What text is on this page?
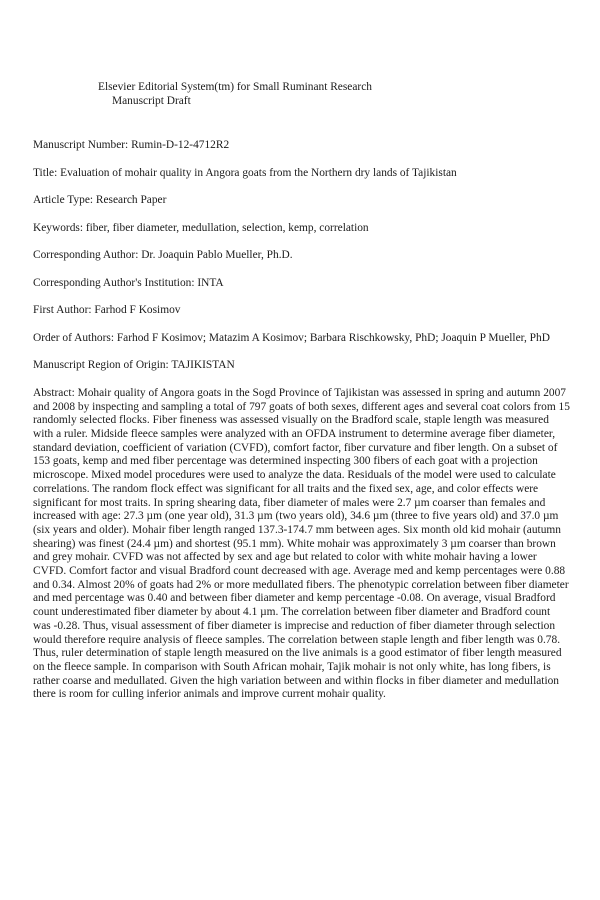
Elsevier Editorial System(tm) for Small Ruminant Research
Manuscript Draft

Manuscript Number: Rumin-D-12-4712R2

Title: Evaluation of mohair quality in Angora goats from the Northern dry lands of Tajikistan

Article Type: Research Paper

Keywords: fiber, fiber diameter, medullation, selection, kemp, correlation

Corresponding Author: Dr. Joaquin Pablo Mueller, Ph.D.

Corresponding Author's Institution: INTA

First Author: Farhod F Kosimov

Order of Authors: Farhod F Kosimov; Matazim A Kosimov; Barbara Rischkowsky, PhD; Joaquin P Mueller, PhD

Manuscript Region of Origin: TAJIKISTAN

Abstract: Mohair quality of Angora goats in the Sogd Province of Tajikistan was assessed in spring and autumn 2007 and 2008 by inspecting and sampling a total of 797 goats of both sexes, different ages and several coat colors from 15 randomly selected flocks. Fiber fineness was assessed visually on the Bradford scale, staple length was measured with a ruler. Midside fleece samples were analyzed with an OFDA instrument to determine average fiber diameter, standard deviation, coefficient of variation (CVFD), comfort factor, fiber curvature and fiber length. On a subset of 153 goats, kemp and med fiber percentage was determined inspecting 300 fibers of each goat with a projection microscope. Mixed model procedures were used to analyze the data. Residuals of the model were used to calculate correlations. The random flock effect was significant for all traits and the fixed sex, age, and color effects were significant for most traits. In spring shearing data, fiber diameter of males were 2.7 µm coarser than females and increased with age: 27.3 µm (one year old), 31.3 µm (two years old), 34.6 µm (three to five years old) and 37.0 µm (six years and older). Mohair fiber length ranged 137.3-174.7 mm between ages. Six month old kid mohair (autumn shearing) was finest (24.4 µm) and shortest (95.1 mm). White mohair was approximately 3 µm coarser than brown and grey mohair. CVFD was not affected by sex and age but related to color with white mohair having a lower CVFD. Comfort factor and visual Bradford count decreased with age. Average med and kemp percentages were 0.88 and 0.34. Almost 20% of goats had 2% or more medullated fibers. The phenotypic correlation between fiber diameter and med percentage was 0.40 and between fiber diameter and kemp percentage -0.08. On average, visual Bradford count underestimated fiber diameter by about 4.1 µm. The correlation between fiber diameter and Bradford count was -0.28. Thus, visual assessment of fiber diameter is imprecise and reduction of fiber diameter through selection would therefore require analysis of fleece samples. The correlation between staple length and fiber length was 0.78. Thus, ruler determination of staple length measured on the live animals is a good estimator of fiber length measured on the fleece sample. In comparison with South African mohair, Tajik mohair is not only white, has long fibers, is rather coarse and medullated. Given the high variation between and within flocks in fiber diameter and medullation there is room for culling inferior animals and improve current mohair quality.
